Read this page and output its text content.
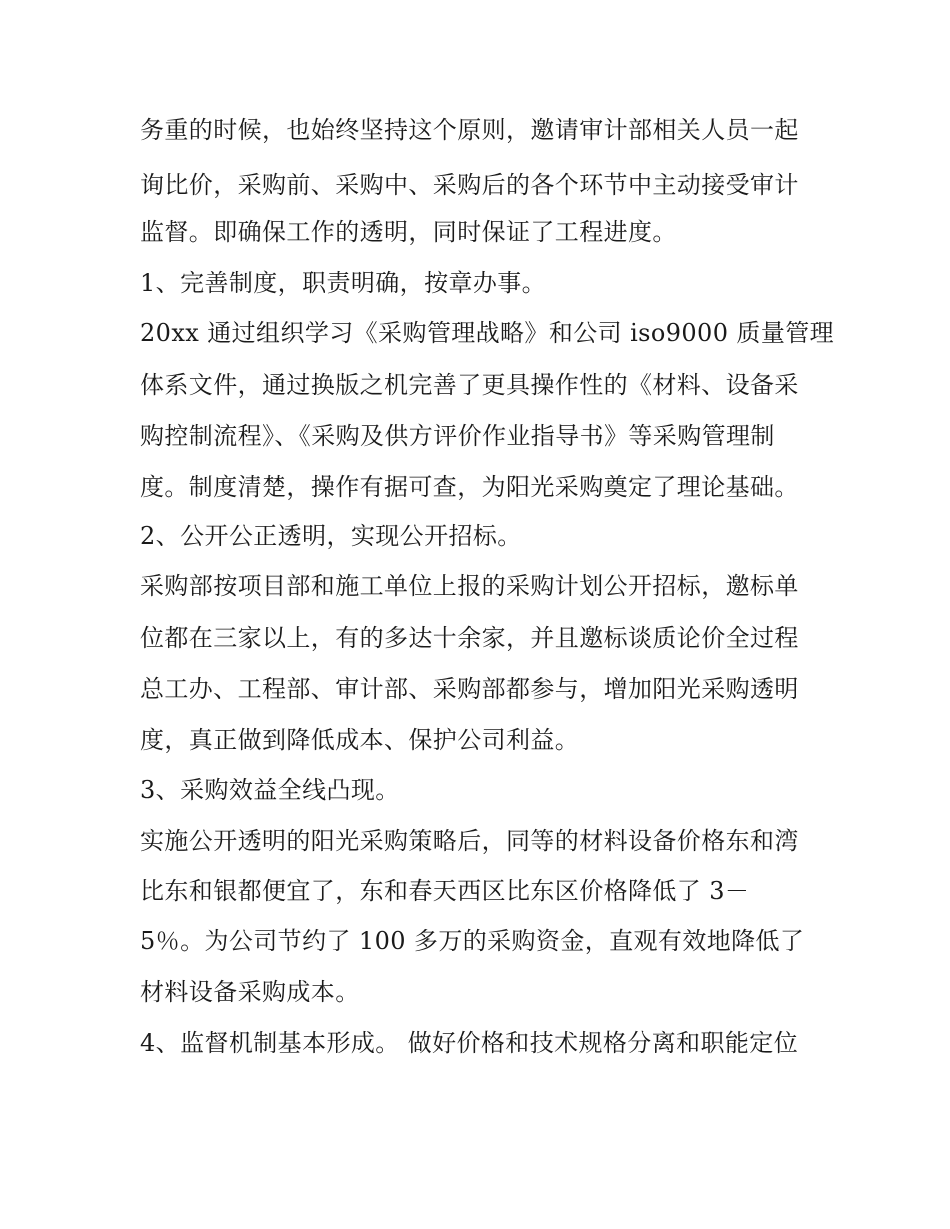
务重的时候，也始终坚持这个原则，邀请审计部相关人员一起
询比价，采购前、采购中、采购后的各个环节中主动接受审计
监督。即确保工作的透明，同时保证了工程进度。
1、完善制度，职责明确，按章办事。
20xx 通过组织学习《采购管理战略》和公司 iso9000 质量管理
体系文件，通过换版之机完善了更具操作性的《材料、设备采
购控制流程》、《采购及供方评价作业指导书》等采购管理制
度。制度清楚，操作有据可查，为阳光采购奠定了理论基础。
2、公开公正透明，实现公开招标。
采购部按项目部和施工单位上报的采购计划公开招标，邀标单
位都在三家以上，有的多达十余家，并且邀标谈质论价全过程
总工办、工程部、审计部、采购部都参与，增加阳光采购透明
度，真正做到降低成本、保护公司利益。
3、采购效益全线凸现。
实施公开透明的阳光采购策略后，同等的材料设备价格东和湾
比东和银都便宜了，东和春天西区比东区价格降低了 3－
5％。为公司节约了 100 多万的采购资金，直观有效地降低了
材料设备采购成本。
4、监督机制基本形成。 做好价格和技术规格分离和职能定位
